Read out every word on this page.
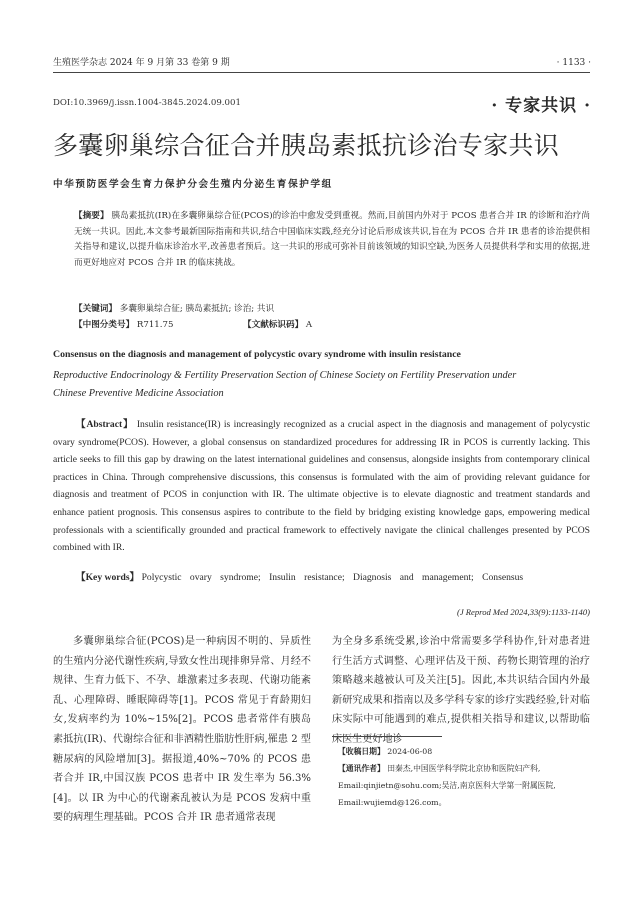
生殖医学杂志 2024 年 9 月第 33 卷第 9 期	· 1133 ·
DOI:10.3969/j.issn.1004-3845.2024.09.001	· 专家共识 ·
多囊卵巢综合征合并胰岛素抵抗诊治专家共识
中华预防医学会生育力保护分会生殖内分泌生育保护学组
【摘要】 胰岛素抵抗(IR)在多囊卵巢综合征(PCOS)的诊治中愈发受到重视。然而,目前国内外对于 PCOS 患者合并 IR 的诊断和治疗尚无统一共识。因此,本文参考最新国际指南和共识,结合中国临床实践,经充分讨论后形成该共识,旨在为 PCOS 合并 IR 患者的诊治提供相关指导和建议,以提升临床诊治水平,改善患者预后。这一共识的形成可弥补目前该领域的知识空缺,为医务人员提供科学和实用的依据,进而更好地应对 PCOS 合并 IR 的临床挑战。
【关键词】 多囊卵巢综合征; 胰岛素抵抗; 诊治; 共识
【中图分类号】 R711.75	【文献标识码】 A
Consensus on the diagnosis and management of polycystic ovary syndrome with insulin resistance
Reproductive Endocrinology & Fertility Preservation Section of Chinese Society on Fertility Preservation under
Chinese Preventive Medicine Association
【Abstract】 Insulin resistance(IR) is increasingly recognized as a crucial aspect in the diagnosis and management of polycystic ovary syndrome(PCOS). However, a global consensus on standardized procedures for addressing IR in PCOS is currently lacking. This article seeks to fill this gap by drawing on the latest international guidelines and consensus, alongside insights from contemporary clinical practices in China. Through comprehensive discussions, this consensus is formulated with the aim of providing relevant guidance for diagnosis and treatment of PCOS in conjunction with IR. The ultimate objective is to elevate diagnostic and treatment standards and enhance patient prognosis. This consensus aspires to contribute to the field by bridging existing knowledge gaps, empowering medical professionals with a scientifically grounded and practical framework to effectively navigate the clinical challenges presented by PCOS combined with IR.
【Key words】 Polycystic ovary syndrome; Insulin resistance; Diagnosis and management; Consensus
(J Reprod Med 2024,33(9):1133-1140)
多囊卵巢综合征(PCOS)是一种病因不明的、异质性的生殖内分泌代谢性疾病,导致女性出现排卵异常、月经不规律、生育力低下、不孕、雄激素过多表现、代谢功能紊乱、心理障碍、睡眠障碍等[1]。PCOS 常见于育龄期妇女,发病率约为 10%~15%[2]。PCOS 患者常伴有胰岛素抵抗(IR)、代谢综合征和非酒精性脂肪性肝病,罹患 2 型糖尿病的风险增加[3]。据报道,40%~70% 的 PCOS 患者合并 IR,中国汉族 PCOS 患者中 IR 发生率为 56.3%[4]。以 IR 为中心的代谢紊乱被认为是 PCOS 发病中重要的病理生理基础。PCOS 合并 IR 患者通常表现
为全身多系统受累,诊治中常需要多学科协作,针对患者进行生活方式调整、心理评估及干预、药物长期管理的治疗策略越来越被认可及关注[5]。因此,本共识结合国内外最新研究成果和指南以及多学科专家的诊疗实践经验,针对临床实际中可能遇到的难点,提供相关指导和建议,以帮助临床医生更好地诊
【收稿日期】 2024-06-08
【通讯作者】 田秦杰,中国医学科学院北京协和医院妇产科,
Email:qinjietn@sohu.com;吴洁,南京医科大学第一附属医院,
Email:wujiemd@126.com。
